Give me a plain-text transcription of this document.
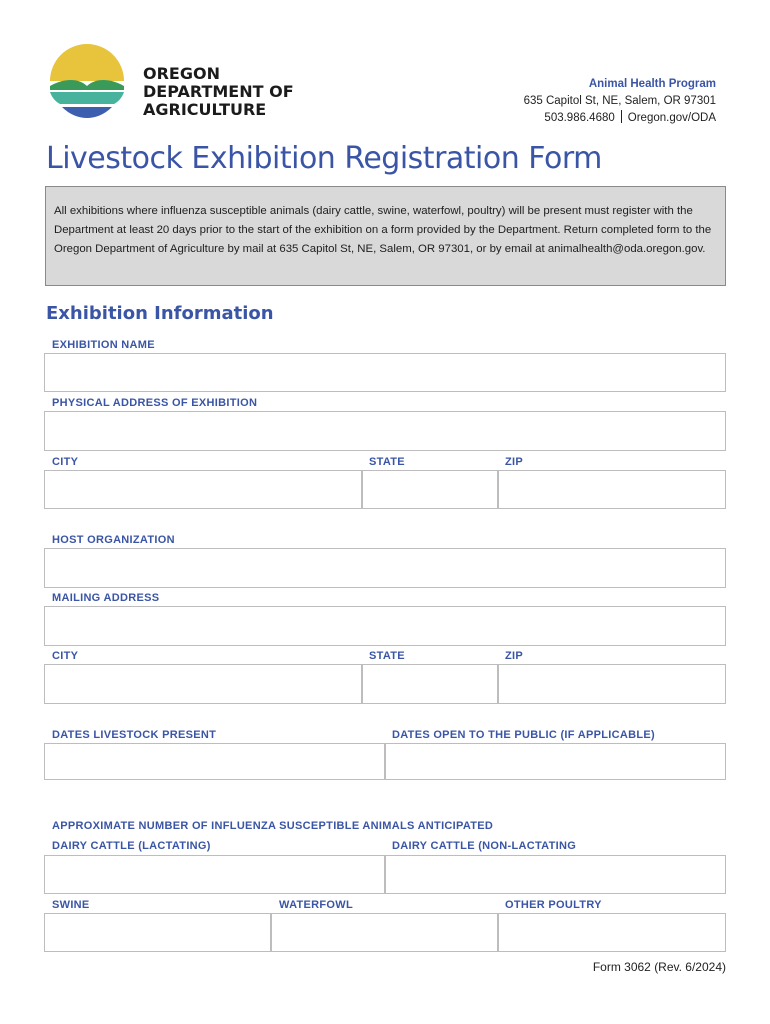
OREGON
DEPARTMENT OF
AGRICULTURE
Animal Health Program
635 Capitol St, NE, Salem, OR 97301
503.986.4680 Oregon.gov/ODA
Livestock Exhibition Registration Form
All exhibitions where influenza susceptible animals (dairy cattle, swine, waterfowl, poultry) will be present must register with the Department at least 20 days prior to the start of the exhibition on a form provided by the Department. Return completed form to the Oregon Department of Agriculture by mail at 635 Capitol St, NE, Salem, OR 97301, or by email at animalhealth@oda.oregon.gov.
Exhibition Information
EXHIBITION NAME
PHYSICAL ADDRESS OF EXHIBITION
CITY	STATE	ZIP
HOST ORGANIZATION
MAILING ADDRESS
CITY	STATE	ZIP
DATES LIVESTOCK PRESENT	DATES OPEN TO THE PUBLIC (IF APPLICABLE)
APPROXIMATE NUMBER OF INFLUENZA SUSCEPTIBLE ANIMALS ANTICIPATED
DAIRY CATTLE (LACTATING)	DAIRY CATTLE (NON-LACTATING
SWINE	WATERFOWL	OTHER POULTRY
Form 3062 (Rev. 6/2024)
